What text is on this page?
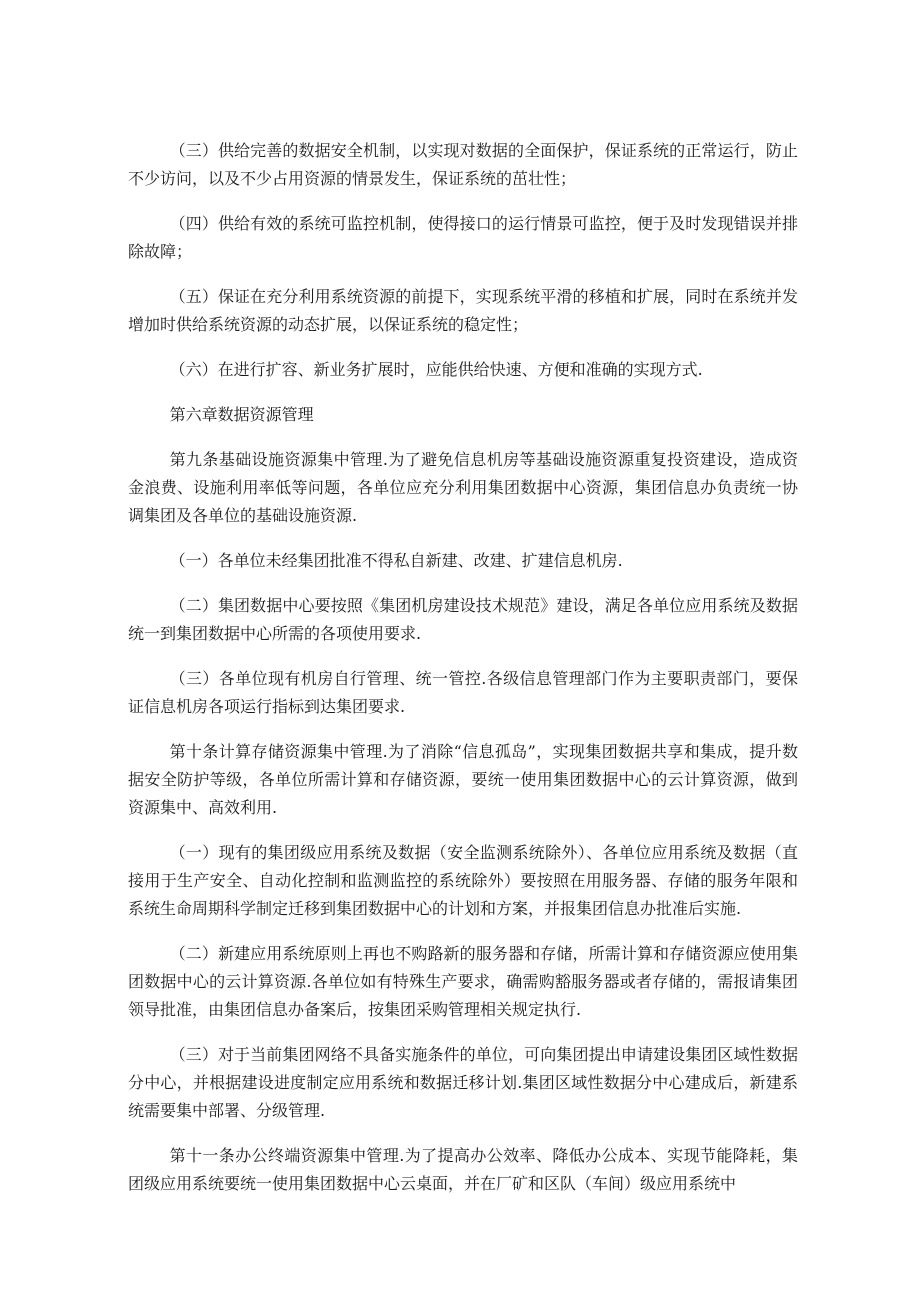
（三）供给完善的数据安全机制，以实现对数据的全面保护，保证系统的正常运行，防止不少访问，以及不少占用资源的情景发生，保证系统的茁壮性；

（四）供给有效的系统可监控机制，使得接口的运行情景可监控，便于及时发现错误并排除故障；

（五）保证在充分利用系统资源的前提下，实现系统平滑的移植和扩展，同时在系统并发增加时供给系统资源的动态扩展，以保证系统的稳定性；

（六）在进行扩容、新业务扩展时，应能供给快速、方便和准确的实现方式.

第六章数据资源管理

第九条基础设施资源集中管理.为了避免信息机房等基础设施资源重复投资建设，造成资金浪费、设施利用率低等问题，各单位应充分利用集团数据中心资源，集团信息办负责统一协调集团及各单位的基础设施资源.

（一）各单位未经集团批准不得私自新建、改建、扩建信息机房.

（二）集团数据中心要按照《集团机房建设技术规范》建设，满足各单位应用系统及数据统一到集团数据中心所需的各项使用要求.

（三）各单位现有机房自行管理、统一管控.各级信息管理部门作为主要职责部门，要保证信息机房各项运行指标到达集团要求.

第十条计算存储资源集中管理.为了消除“信息孤岛”，实现集团数据共享和集成，提升数据安全防护等级，各单位所需计算和存储资源，要统一使用集团数据中心的云计算资源，做到资源集中、高效利用.

（一）现有的集团级应用系统及数据（安全监测系统除外）、各单位应用系统及数据（直接用于生产安全、自动化控制和监测监控的系统除外）要按照在用服务器、存储的服务年限和系统生命周期科学制定迁移到集团数据中心的计划和方案，并报集团信息办批准后实施.

（二）新建应用系统原则上再也不购路新的服务器和存储，所需计算和存储资源应使用集团数据中心的云计算资源.各单位如有特殊生产要求，确需购豁服务器或者存储的，需报请集团领导批准，由集团信息办备案后，按集团采购管理相关规定执行.

（三）对于当前集团网络不具备实施条件的单位，可向集团提出申请建设集团区域性数据分中心，并根据建设进度制定应用系统和数据迁移计划.集团区域性数据分中心建成后，新建系统需要集中部署、分级管理.

第十一条办公终端资源集中管理.为了提高办公效率、降低办公成本、实现节能降耗，集团级应用系统要统一使用集团数据中心云桌面，并在厂矿和区队（车间）级应用系统中
